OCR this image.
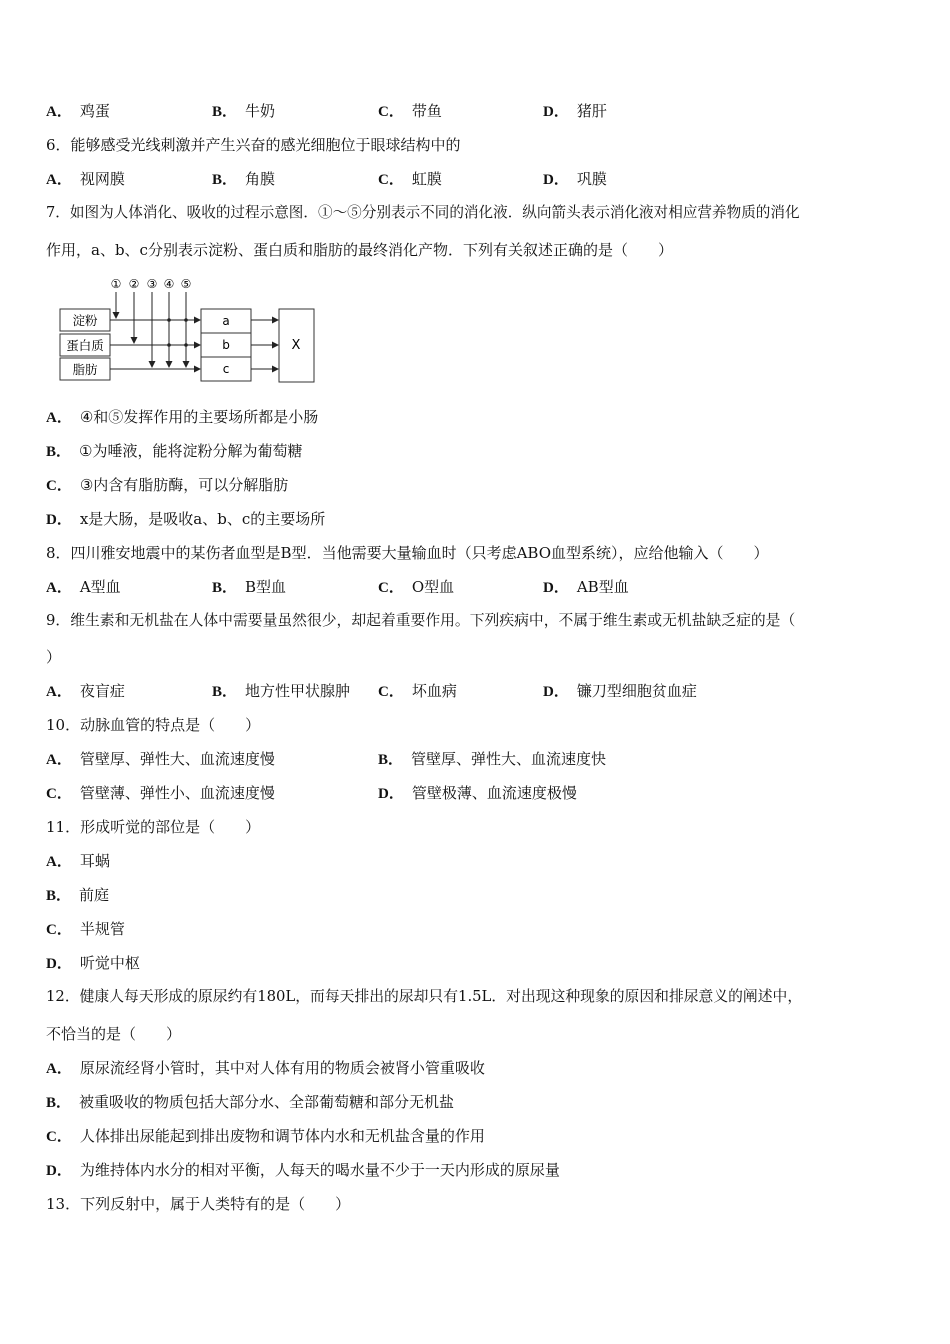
A． 鸡蛋	B． 牛奶	C． 带鱼	D． 猪肝
6．能够感受光线刺激并产生兴奋的感光细胞位于眼球结构中的
A． 视网膜	B． 角膜	C． 虹膜	D． 巩膜
7．如图为人体消化、吸收的过程示意图．①～⑤分别表示不同的消化液．纵向箭头表示消化液对相应营养物质的消化
作用，a、b、c分别表示淀粉、蛋白质和脂肪的最终消化产物．下列有关叙述正确的是（　　）
① ② ③ ④ ⑤
淀粉
蛋白质
脂肪
a
b
c
X
A． ④和⑤发挥作用的主要场所都是小肠
B． ①为唾液，能将淀粉分解为葡萄糖
C． ③内含有脂肪酶，可以分解脂肪
D． x是大肠，是吸收a、b、c的主要场所
8．四川雅安地震中的某伤者血型是B型．当他需要大量输血时（只考虑ABO血型系统），应给他输入（　　）
A． A型血	B． B型血	C． O型血	D． AB型血
9．维生素和无机盐在人体中需要量虽然很少，却起着重要作用。下列疾病中，不属于维生素或无机盐缺乏症的是（
）
A． 夜盲症	B． 地方性甲状腺肿 C． 坏血病	D． 镰刀型细胞贫血症
10．动脉血管的特点是（　　）
A． 管壁厚、弹性大、血流速度慢	B． 管壁厚、弹性大、血流速度快
C． 管壁薄、弹性小、血流速度慢	D． 管壁极薄、血流速度极慢
11．形成听觉的部位是（　　）
A． 耳蜗
B． 前庭
C． 半规管
D． 听觉中枢
12．健康人每天形成的原尿约有180L，而每天排出的尿却只有1.5L．对出现这种现象的原因和排尿意义的阐述中，
不恰当的是（　　）
A． 原尿流经肾小管时，其中对人体有用的物质会被肾小管重吸收
B． 被重吸收的物质包括大部分水、全部葡萄糖和部分无机盐
C． 人体排出尿能起到排出废物和调节体内水和无机盐含量的作用
D． 为维持体内水分的相对平衡，人每天的喝水量不少于一天内形成的原尿量
13．下列反射中，属于人类特有的是（　　）
